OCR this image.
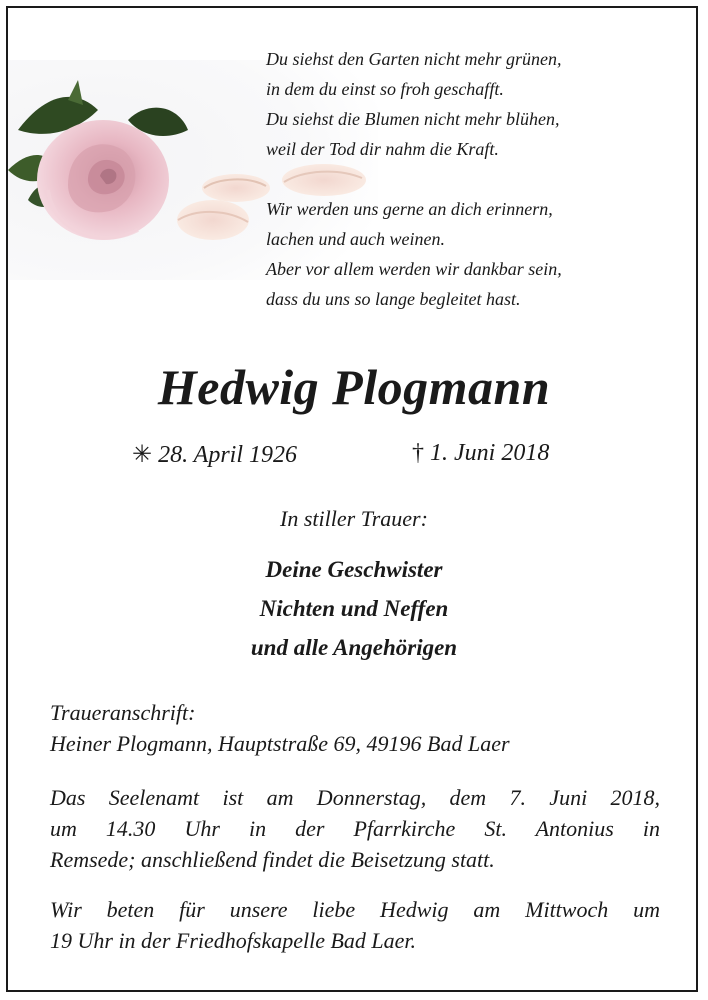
Du siehst den Garten nicht mehr grünen,
in dem du einst so froh geschafft.
Du siehst die Blumen nicht mehr blühen,
weil der Tod dir nahm die Kraft.
Wir werden uns gerne an dich erinnern,
lachen und auch weinen.
Aber vor allem werden wir dankbar sein,
dass du uns so lange begleitet hast.
Hedwig Plogmann
✳ 28. April 1926	† 1. Juni 2018
In stiller Trauer:
Deine Geschwister
Nichten und Neffen
und alle Angehörigen
Traueranschrift:
Heiner Plogmann, Hauptstraße 69, 49196 Bad Laer
Das Seelenamt ist am Donnerstag, dem 7. Juni 2018,
um 14.30 Uhr in der Pfarrkirche St. Antonius in
Remsede; anschließend findet die Beisetzung statt.
Wir beten für unsere liebe Hedwig am Mittwoch um
19 Uhr in der Friedhofskapelle Bad Laer.
